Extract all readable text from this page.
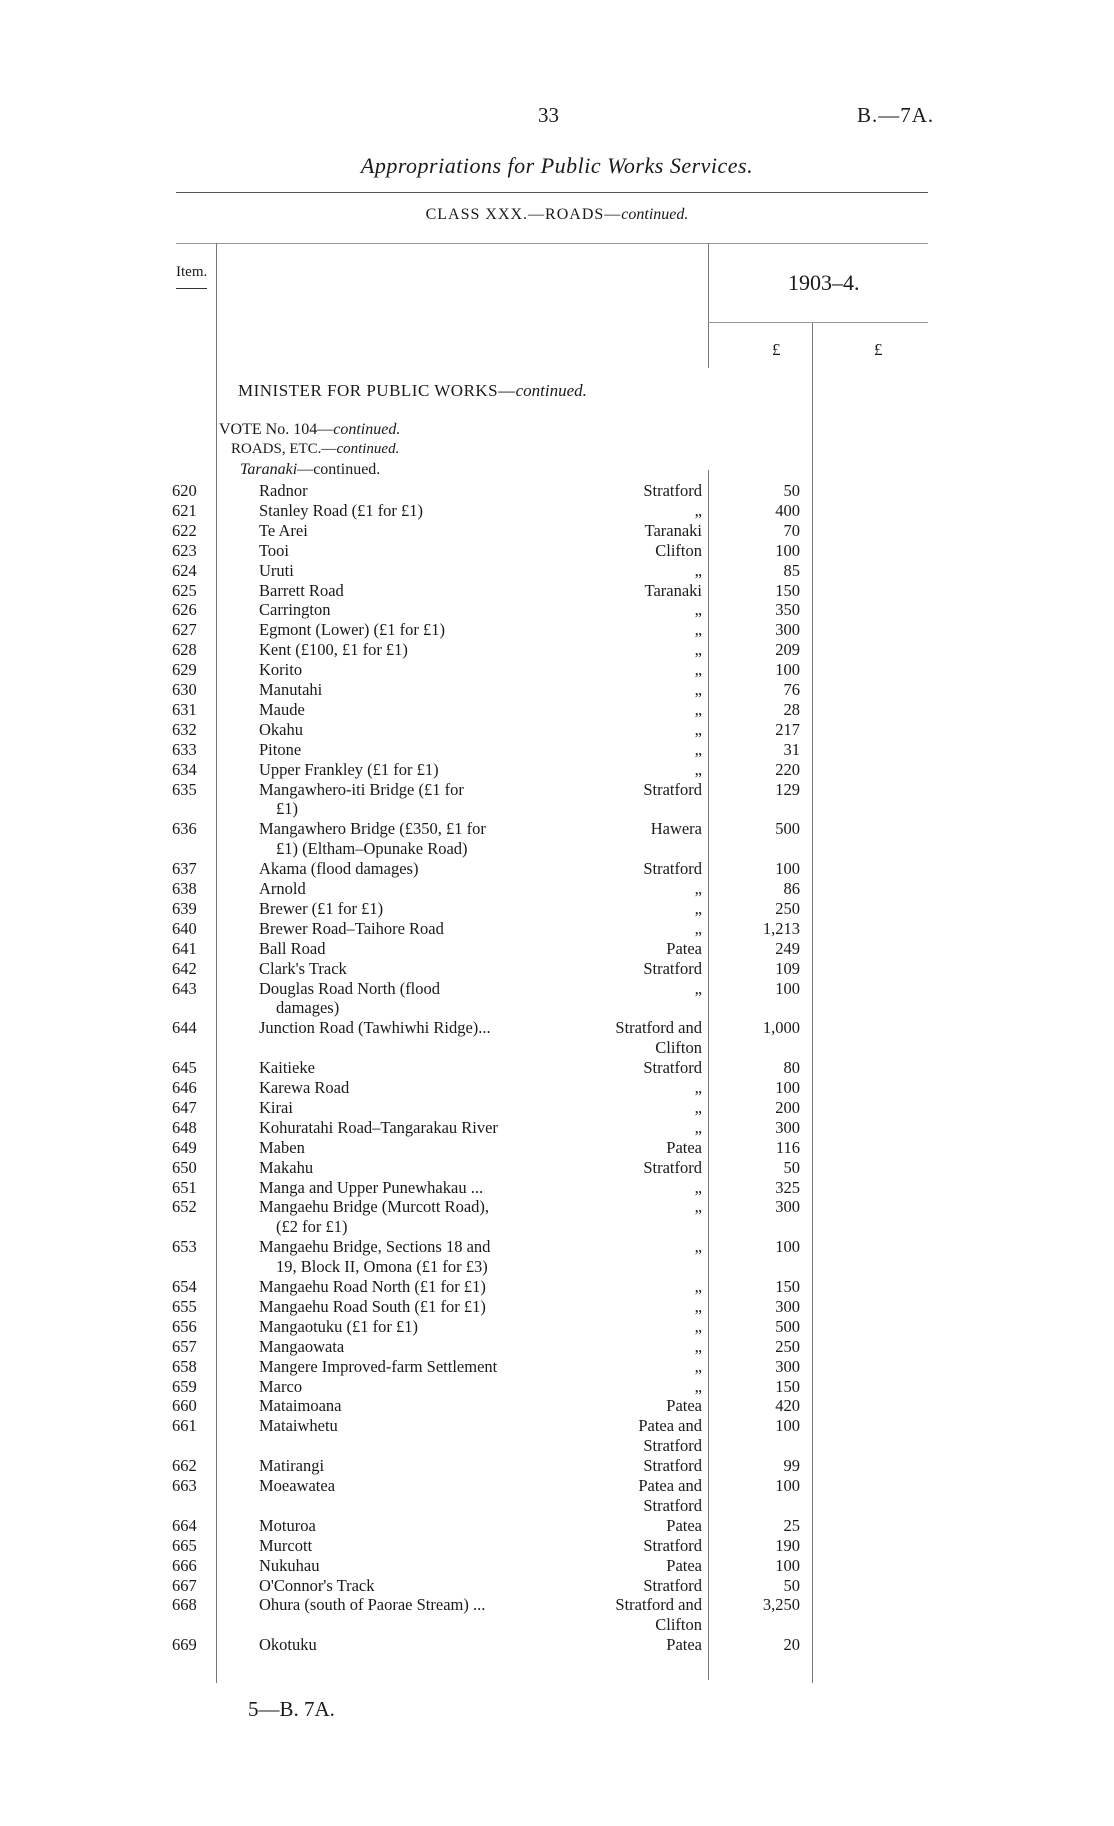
33	B.—7A.
Appropriations for Public Works Services.
CLASS XXX.—ROADS—continued.
Item.	1903–4.
£	£
MINISTER FOR PUBLIC WORKS—continued.
VOTE No. 104—continued.
ROADS, ETC.—continued.
Taranaki—continued.
620	Radnor	Stratford	50
621	Stanley Road (£1 for £1)	„	400
622	Te Arei	Taranaki	70
623	Tooi	Clifton	100
624	Uruti	„	85
625	Barrett Road	Taranaki	150
626	Carrington	„	350
627	Egmont (Lower) (£1 for £1)	„	300
628	Kent (£100, £1 for £1)	„	209
629	Korito	„	100
630	Manutahi	„	76
631	Maude	„	28
632	Okahu	„	217
633	Pitone	„	31
634	Upper Frankley (£1 for £1)	„	220
635	Mangawhero-iti Bridge (£1 for	Stratford	129
£1)
636	Mangawhero Bridge (£350, £1 for	Hawera	500
£1) (Eltham–Opunake Road)
637	Akama (flood damages)	Stratford	100
638	Arnold	„	86
639	Brewer (£1 for £1)	„	250
640	Brewer Road–Taihore Road	„	1,213
641	Ball Road	Patea	249
642	Clark's Track	Stratford	109
643	Douglas Road North (flood	„	100
damages)
644	Junction Road (Tawhiwhi Ridge)...	Stratford and	1,000
Clifton
645	Kaitieke	Stratford	80
646	Karewa Road	„	100
647	Kirai	„	200
648	Kohuratahi Road–Tangarakau River	„	300
649	Maben	Patea	116
650	Makahu	Stratford	50
651	Manga and Upper Punewhakau ...	„	325
652	Mangaehu Bridge (Murcott Road),	„	300
(£2 for £1)
653	Mangaehu Bridge, Sections 18 and	„	100
19, Block II, Omona (£1 for £3)
654	Mangaehu Road North (£1 for £1)	„	150
655	Mangaehu Road South (£1 for £1)	„	300
656	Mangaotuku (£1 for £1)	„	500
657	Mangaowata	„	250
658	Mangere Improved-farm Settlement	„	300
659	Marco	„	150
660	Mataimoana	Patea	420
661	Mataiwhetu	Patea and	100
Stratford
662	Matirangi	Stratford	99
663	Moeawatea	Patea and	100
Stratford
664	Moturoa	Patea	25
665	Murcott	Stratford	190
666	Nukuhau	Patea	100
667	O'Connor's Track	Stratford	50
668	Ohura (south of Paorae Stream) ...	Stratford and	3,250
Clifton
669	Okotuku	Patea	20
5—B. 7A.
